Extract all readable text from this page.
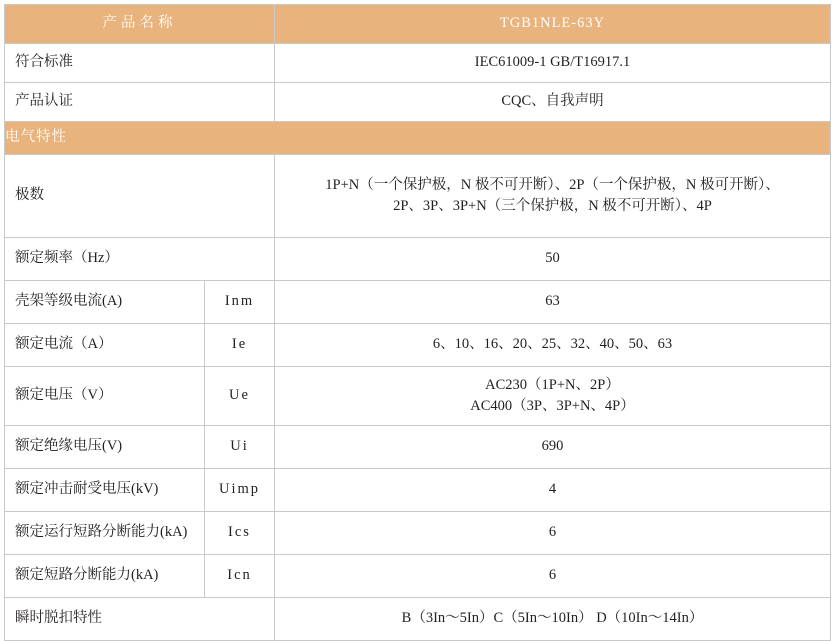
产品名称		TGB1NLE-63Y
符合标准		IEC61009-1 GB/T16917.1
产品认证		CQC、自我声明
电气特性		
极数		1P+N（一个保护极，N 极不可开断）、2P（一个保护极，N 极可开断）、
2P、3P、3P+N（三个保护极，N 极不可开断）、4P

额定频率（Hz）		50
壳架等级电流(A)	Inm	63
额定电流（A）	Ie	6、10、16、20、25、32、40、50、63
额定电压（V）	Ue	AC230（1P+N、2P）
AC400（3P、3P+N、4P）

额定绝缘电压(V)	Ui	690
额定冲击耐受电压(kV)	Uimp	4
额定运行短路分断能力(kA)	Ics	6
额定短路分断能力(kA)	Icn	6
瞬时脱扣特性		B（3In～5In）C（5In～10In） D（10In～14In）
